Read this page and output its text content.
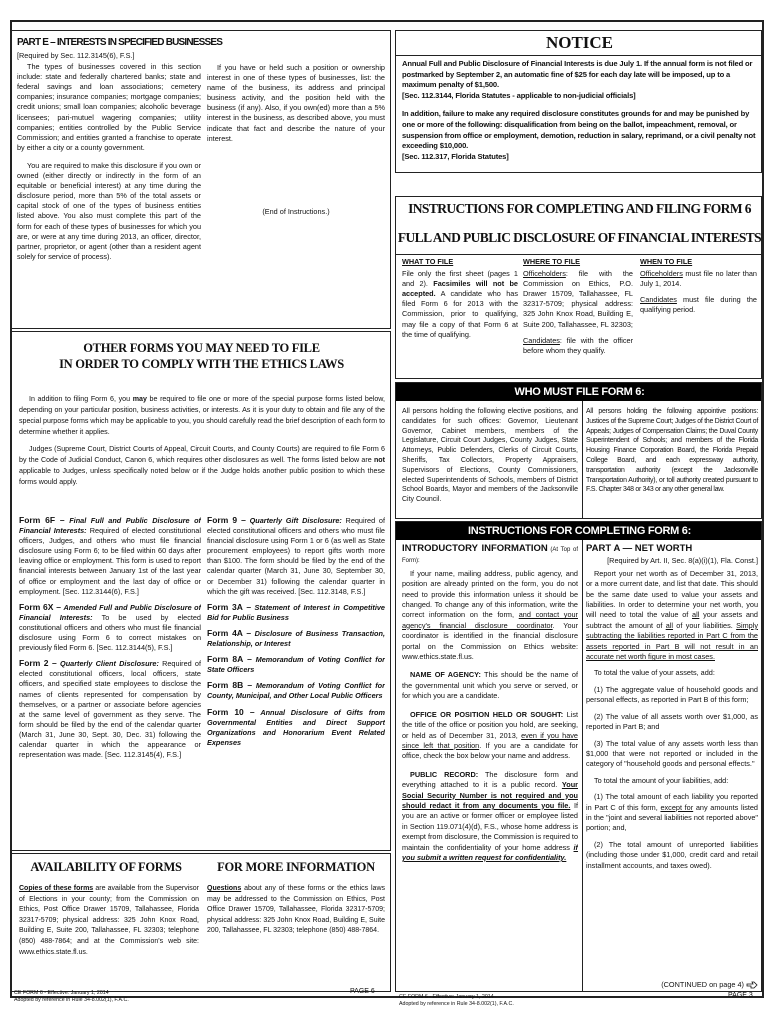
PART E – INTERESTS IN SPECIFIED BUSINESSES

[Required by Sec. 112.3145(6), F.S.]

The types of businesses covered in this section include: state and federally chartered banks; state and federal savings and loan associations; cemetery companies; insurance companies; mortgage companies; credit unions; small loan companies; alcoholic beverage licensees; pari-mutuel wagering companies; utility companies; entities controlled by the Public Service Commission; and entities granted a franchise to operate by either a city or a county government.

You are required to make this disclosure if you own or owned (either directly or indirectly in the form of an equitable or beneficial interest) at any time during the disclosure period, more than 5% of the total assets or capital stock of one of the types of business entities listed above. You also must complete this part of the form for each of these types of businesses for which you are, or were at any time during 2013, an officer, director, partner, proprietor, or agent (other than a resident agent solely for service of process).

If you have or held such a position or ownership interest in one of these types of businesses, list: the name of the business, its address and principal business activity, and the position held with the business (if any). Also, if you own(ed) more than a 5% interest in the business, as described above, you must indicate that fact and describe the nature of your interest.

(End of Instructions.)
OTHER FORMS YOU MAY NEED TO FILE
IN ORDER TO COMPLY WITH THE ETHICS LAWS

In addition to filing Form 6, you may be required to file one or more of the special purpose forms listed below, depending on your particular position, business activities, or interests. As it is your duty to obtain and file any of the special purpose forms which may be applicable to you, you should carefully read the brief description of each form to determine whether it applies.

Judges (Supreme Court, District Courts of Appeal, Circuit Courts, and County Courts) are required to file Form 6 by the Code of Judicial Conduct, Canon 6, which requires other disclosures as well. The forms listed below are not applicable to Judges, unless specifically noted below or if the Judge holds another public position to which these forms would apply.

Form 6F – Final Full and Public Disclosure of Financial Interests: Required of elected constitutional officers, Judges, and others who must file financial disclosure using Form 6; to be filed within 60 days after leaving office or employment. This form is used to report financial interests between January 1st of the last year of office or employment and the last day of office or employment. [Sec. 112.3144(6), F.S.]
Form 6X – Amended Full and Public Disclosure of Financial Interests: To be used by elected constitutional officers and others who must file financial disclosure using Form 6 to correct mistakes on previously filed Form 6. [Sec. 112.3144(5), F.S.]
Form 2 – Quarterly Client Disclosure: Required of elected constitutional officers, local officers, state officers, and specified state employees to disclose the names of clients represented for compensation by themselves, or a partner or associate before agencies at the same level of government as they serve. The form should be filed by the end of the calendar quarter (March 31, June 30, Sept. 30, Dec. 31) following the calendar quarter in which the appearance or representation was made. [Sec. 112.3145(4), F.S.]
Form 9 – Quarterly Gift Disclosure: Required of elected constitutional officers and others who must file financial disclosure using Form 1 or 6 (as well as State procurement employees) to report gifts worth more than $100. The form should be filed by the end of the calendar quarter (March 31, June 30, September 30, or December 31) following the calendar quarter in which the gift was received. [Sec. 112.3148, F.S.]
Form 3A – Statement of Interest in Competitive Bid for Public Business
Form 4A – Disclosure of Business Transaction, Relationship, or Interest
Form 8A – Memorandum of Voting Conflict for State Officers
Form 8B – Memorandum of Voting Conflict for County, Municipal, and Other Local Public Officers
Form 10 – Annual Disclosure of Gifts from Governmental Entities and Direct Support Organizations and Honorarium Event Related Expenses
AVAILABILITY OF FORMS
Copies of these forms are available from the Supervisor of Elections in your county; from the Commission on Ethics, Post Office Drawer 15709, Tallahassee, Florida 32317-5709; physical address: 325 John Knox Road, Building E, Suite 200, Tallahassee, FL 32303; telephone (850) 488-7864; and at the Commission's web site: www.ethics.state.fl.us.
FOR MORE INFORMATION
Questions about any of these forms or the ethics laws may be addressed to the Commission on Ethics, Post Office Drawer 15709, Tallahassee, Florida 32317-5709; physical address: 325 John Knox Road, Building E, Suite 200, Tallahassee, FL 32303; telephone (850) 488-7864.
CE FORM 6 - Effective: January 1, 2014
Adopted by reference in Rule 34-8.002(1), F.A.C.
PAGE 6
NOTICE

Annual Full and Public Disclosure of Financial Interests is due July 1. If the annual form is not filed or postmarked by September 2, an automatic fine of $25 for each day late will be imposed, up to a maximum penalty of $1,500.

[Sec. 112.3144, Florida Statutes - applicable to non-judicial officials]

In addition, failure to make any required disclosure constitutes grounds for and may be punished by one or more of the following: disqualification from being on the ballot, impeachment, removal, or suspension from office or employment, demotion, reduction in salary, reprimand, or a civil penalty not exceeding $10,000.

[Sec. 112.317, Florida Statutes]

INSTRUCTIONS FOR COMPLETING AND FILING FORM 6
FULL AND PUBLIC DISCLOSURE OF FINANCIAL INTERESTS
WHAT TO FILE
File only the first sheet (pages 1 and 2). Facsimiles will not be accepted. A candidate who has filed Form 6 for 2013 with the Commission, prior to qualifying, may file a copy of that Form 6 at the time of qualifying.
WHERE TO FILE

Officeholders: file with the Commission on Ethics, P.O. Drawer 15709, Tallahassee, FL 32317-5709; physical address: 325 John Knox Road, Building E, Suite 200, Tallahassee, FL 32303;

Candidates: file with the officer before whom they qualify.

WHEN TO FILE

Officeholders must file no later than July 1, 2014.

Candidates must file during the qualifying period.

WHO MUST FILE FORM 6:
All persons holding the following elective positions, and candidates for such offices: Governor, Lieutenant Governor, Cabinet members, members of the Legislature, Circuit Court Judges, County Judges, State Attorneys, Public Defenders, Clerks of Circuit Courts, Sheriffs, Tax Collectors, Property Appraisers, Supervisors of Elections, County Commissioners, elected Superintendents of Schools, members of District School Boards, Mayor and members of the Jacksonville City Council.
All persons holding the following appointive positions: Justices of the Supreme Court; Judges of the District Court of Appeals; Judges of Compensation Claims; the Duval County Superintendent of Schools; and members of the Florida Housing Finance Corporation Board, the Florida Prepaid College Board, and each expressway authority, transportation authority (except the Jacksonville Transportation Authority), or toll authority created pursuant to F.S. Chapter 348 or 343 or any other general law.
INSTRUCTIONS FOR COMPLETING FORM 6:
INTRODUCTORY INFORMATION (At Top of Form):

If your name, mailing address, public agency, and position are already printed on the form, you do not need to provide this information unless it should be changed. To change any of this information, write the correct information on the form, and contact your agency's financial disclosure coordinator. Your coordinator is identified in the financial disclosure portal on the Commission on Ethics website: www.ethics.state.fl.us.

NAME OF AGENCY: This should be the name of the governmental unit which you serve or served, or for which you are a candidate.

OFFICE OR POSITION HELD OR SOUGHT: List the title of the office or position you hold, are seeking, or held as of December 31, 2013, even if you have since left that position. If you are a candidate for office, check the box below your name and address.

PUBLIC RECORD: The disclosure form and everything attached to it is a public record. Your Social Security Number is not required and you should redact it from any documents you file. If you are an active or former officer or employee listed in Section 119.071(4)(d), F.S., whose home address is exempt from disclosure, the Commission is required to maintain the confidentiality of your home address if you submit a written request for confidentiality.

PART A — NET WORTH

[Required by Art. II, Sec. 8(a)(i)(1), Fla. Const.]

Report your net worth as of December 31, 2013, or a more current date, and list that date. This should be the same date used to value your assets and liabilities. In order to determine your net worth, you will need to total the value of all your assets and subtract the amount of all of your liabilities. Simply subtracting the liabilities reported in Part C from the assets reported in Part B will not result in an accurate net worth figure in most cases.

To total the value of your assets, add:

(1) The aggregate value of household goods and personal effects, as reported in Part B of this form;

(2) The value of all assets worth over $1,000, as reported in Part B; and

(3) The total value of any assets worth less than $1,000 that were not reported or included in the category of "household goods and personal effects."

To total the amount of your liabilities, add:

(1) The total amount of each liability you reported in Part C of this form, except for any amounts listed in the "joint and several liabilities not reported above" portion; and,

(2) The total amount of unreported liabilities (including those under $1,000, credit card and retail installment accounts, and taxes owed).

(CONTINUED on page 4)
CE FORM 6 - Effective: January 1, 2014
Adopted by reference in Rule 34-8.002(1), F.A.C.
PAGE 3
